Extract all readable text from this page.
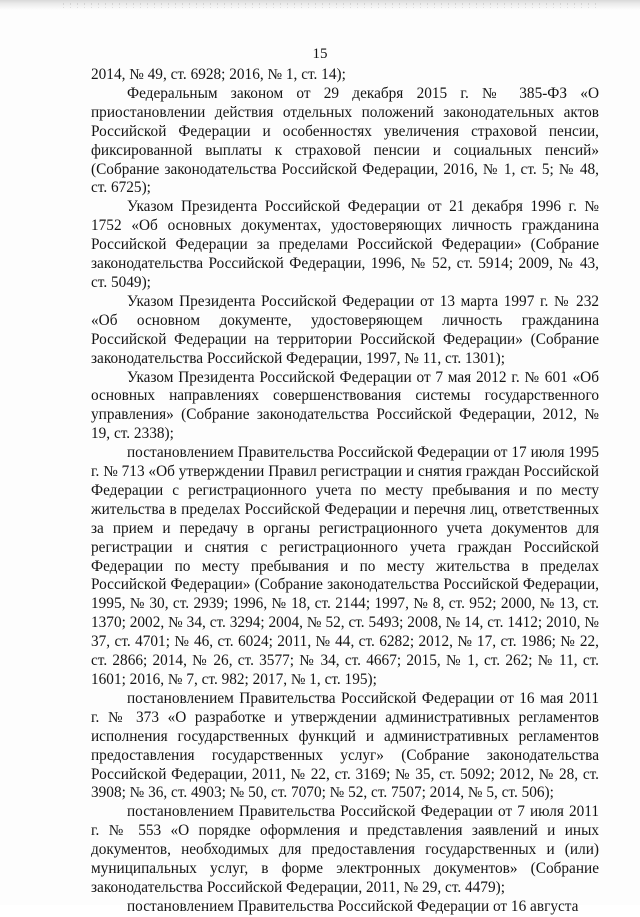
15

2014, № 49, ст. 6928; 2016, № 1, ст. 14);

Федеральным законом от 29 декабря 2015 г. № 385-ФЗ «О приостановлении действия отдельных положений законодательных актов Российской Федерации и особенностях увеличения страховой пенсии, фиксированной выплаты к страховой пенсии и социальных пенсий» (Собрание законодательства Российской Федерации, 2016, № 1, ст. 5; № 48, ст. 6725);

Указом Президента Российской Федерации от 21 декабря 1996 г. № 1752 «Об основных документах, удостоверяющих личность гражданина Российской Федерации за пределами Российской Федерации» (Собрание законодательства Российской Федерации, 1996, № 52, ст. 5914; 2009, № 43, ст. 5049);

Указом Президента Российской Федерации от 13 марта 1997 г. № 232 «Об основном документе, удостоверяющем личность гражданина Российской Федерации на территории Российской Федерации» (Собрание законодательства Российской Федерации, 1997, № 11, ст. 1301);

Указом Президента Российской Федерации от 7 мая 2012 г. № 601 «Об основных направлениях совершенствования системы государственного управления» (Собрание законодательства Российской Федерации, 2012, № 19, ст. 2338);

постановлением Правительства Российской Федерации от 17 июля 1995 г. № 713 «Об утверждении Правил регистрации и снятия граждан Российской Федерации с регистрационного учета по месту пребывания и по месту жительства в пределах Российской Федерации и перечня лиц, ответственных за прием и передачу в органы регистрационного учета документов для регистрации и снятия с регистрационного учета граждан Российской Федерации по месту пребывания и по месту жительства в пределах Российской Федерации» (Собрание законодательства Российской Федерации, 1995, № 30, ст. 2939; 1996, № 18, ст. 2144; 1997, № 8, ст. 952; 2000, № 13, ст. 1370; 2002, № 34, ст. 3294; 2004, № 52, ст. 5493; 2008, № 14, ст. 1412; 2010, № 37, ст. 4701; № 46, ст. 6024; 2011, № 44, ст. 6282; 2012, № 17, ст. 1986; № 22, ст. 2866; 2014, № 26, ст. 3577; № 34, ст. 4667; 2015, № 1, ст. 262; № 11, ст. 1601; 2016, № 7, ст. 982; 2017, № 1, ст. 195);

постановлением Правительства Российской Федерации от 16 мая 2011 г. № 373 «О разработке и утверждении административных регламентов исполнения государственных функций и административных регламентов предоставления государственных услуг» (Собрание законодательства Российской Федерации, 2011, № 22, ст. 3169; № 35, ст. 5092; 2012, № 28, ст. 3908; № 36, ст. 4903; № 50, ст. 7070; № 52, ст. 7507; 2014, № 5, ст. 506);

постановлением Правительства Российской Федерации от 7 июля 2011 г. № 553 «О порядке оформления и представления заявлений и иных документов, необходимых для предоставления государственных и (или) муниципальных услуг, в форме электронных документов» (Собрание законодательства Российской Федерации, 2011, № 29, ст. 4479);

постановлением Правительства Российской Федерации от 16 августа
